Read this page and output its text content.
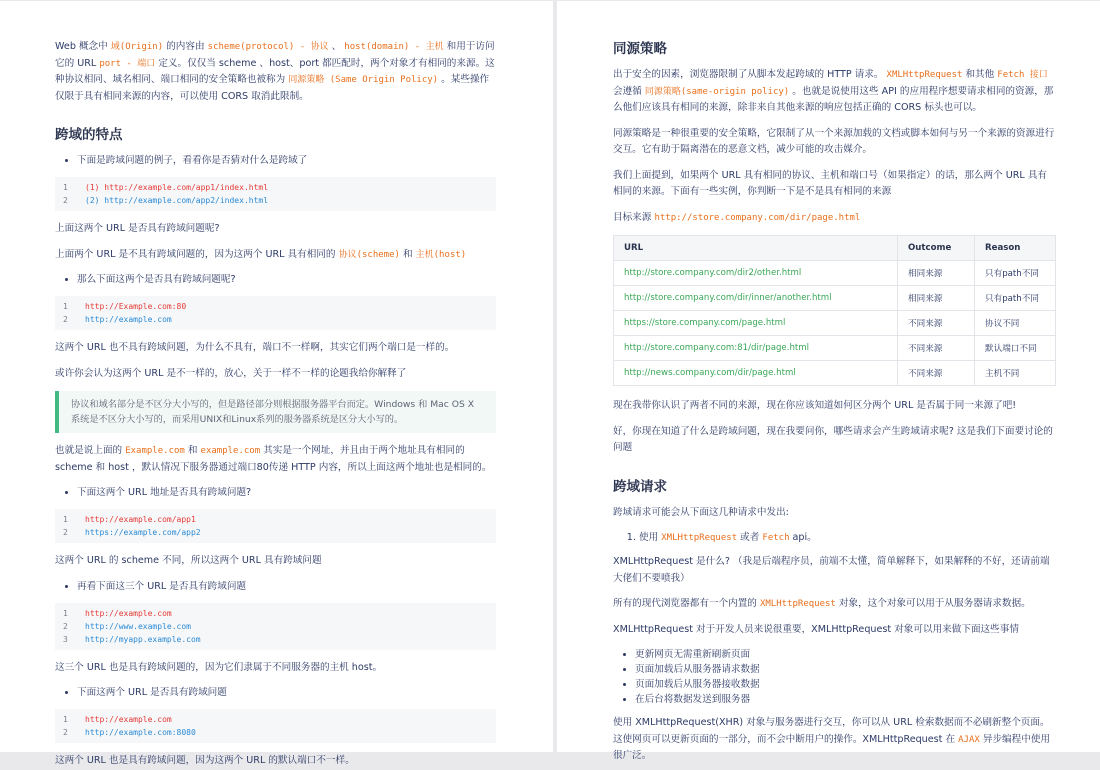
Web 概念中 域(Origin) 的内容由 scheme(protocol) - 协议 、 host(domain) - 主机 和用于访问它的 URL port - 端口 定义。仅仅当 scheme 、host、port 都匹配时，两个对象才有相同的来源。这种协议相同、域名相同、端口相同的安全策略也被称为 同源策略 (Same Origin Policy) 。某些操作仅限于具有相同来源的内容，可以使用 CORS 取消此限制。

跨域的特点
• 下面是跨域问题的例子，看看你是否猜对什么是跨域了
1 (1) http://example.com/app1/index.html
2 (2) http://example.com/app2/index.html

上面这两个 URL 是否具有跨域问题呢?

上面两个 URL 是不具有跨域问题的，因为这两个 URL 具有相同的 协议(scheme) 和 主机(host)

• 那么下面这两个是否具有跨域问题呢?
1 http://Example.com:80
2 http://example.com

这两个 URL 也不具有跨域问题，为什么不具有，端口不一样啊，其实它们两个端口是一样的。

或许你会认为这两个 URL 是不一样的，放心，关于一样不一样的论题我给你解释了

协议和域名部分是不区分大小写的，但是路径部分则根据服务器平台而定。Windows 和 Mac OS X 系统是不区分大小写的，而采用UNIX和Linux系列的服务器系统是区分大小写的。

也就是说上面的 Example.com 和 example.com 其实是一个网址，并且由于两个地址具有相同的 scheme 和 host ，默认情况下服务器通过端口80传递 HTTP 内容，所以上面这两个地址也是相同的。

• 下面这两个 URL 地址是否具有跨域问题?
1 http://example.com/app1
2 https://example.com/app2

这两个 URL 的 scheme 不同，所以这两个 URL 具有跨域问题

• 再看下面这三个 URL 是否具有跨域问题
1 http://example.com
2 http://www.example.com
3 http://myapp.example.com

这三个 URL 也是具有跨域问题的，因为它们隶属于不同服务器的主机 host。

• 下面这两个 URL 是否具有跨域问题
1 http://example.com
2 http://example.com:8080

这两个 URL 也是具有跨域问题，因为这两个 URL 的默认端口不一样。

同源策略

出于安全的因素，浏览器限制了从脚本发起跨域的 HTTP 请求。 XMLHttpRequest 和其他 Fetch 接口 会遵循 同源策略(same-origin policy) 。也就是说使用这些 API 的应用程序想要请求相同的资源，那么他们应该具有相同的来源，除非来自其他来源的响应包括正确的 CORS 标头也可以。

同源策略是一种很重要的安全策略，它限制了从一个来源加载的文档或脚本如何与另一个来源的资源进行交互。它有助于隔离潜在的恶意文档，减少可能的攻击媒介。

我们上面提到，如果两个 URL 具有相同的协议、主机和端口号（如果指定）的话，那么两个 URL 具有相同的来源。下面有一些实例，你判断一下是不是具有相同的来源

目标来源 http://store.company.com/dir/page.html

URL	Outcome	Reason
http://store.company.com/dir2/other.html	相同来源	只有path不同
http://store.company.com/dir/inner/another.html	相同来源	只有path不同
https://store.company.com/page.html	不同来源	协议不同
http://store.company.com:81/dir/page.html	不同来源	默认端口不同
http://news.company.com/dir/page.html	不同来源	主机不同

现在我带你认识了两者不同的来源，现在你应该知道如何区分两个 URL 是否属于同一来源了吧!

好，你现在知道了什么是跨域问题，现在我要问你，哪些请求会产生跨域请求呢? 这是我们下面要讨论的问题

跨域请求

跨域请求可能会从下面这几种请求中发出:

1. 使用 XMLHttpRequest 或者 Fetch api。

XMLHttpRequest 是什么? （我是后端程序员，前端不太懂，简单解释下，如果解释的不好，还请前端大佬们不要喷我）

所有的现代浏览器都有一个内置的 XMLHttpRequest 对象，这个对象可以用于从服务器请求数据。

XMLHttpRequest 对于开发人员来说很重要，XMLHttpRequest 对象可以用来做下面这些事情

• 更新网页无需重新刷新页面
• 页面加载后从服务器请求数据
• 页面加载后从服务器接收数据
• 在后台将数据发送到服务器

使用 XMLHttpRequest(XHR) 对象与服务器进行交互，你可以从 URL 检索数据而不必刷新整个页面。这使网页可以更新页面的一部分，而不会中断用户的操作。XMLHttpRequest 在 AJAX 异步编程中使用很广泛。
